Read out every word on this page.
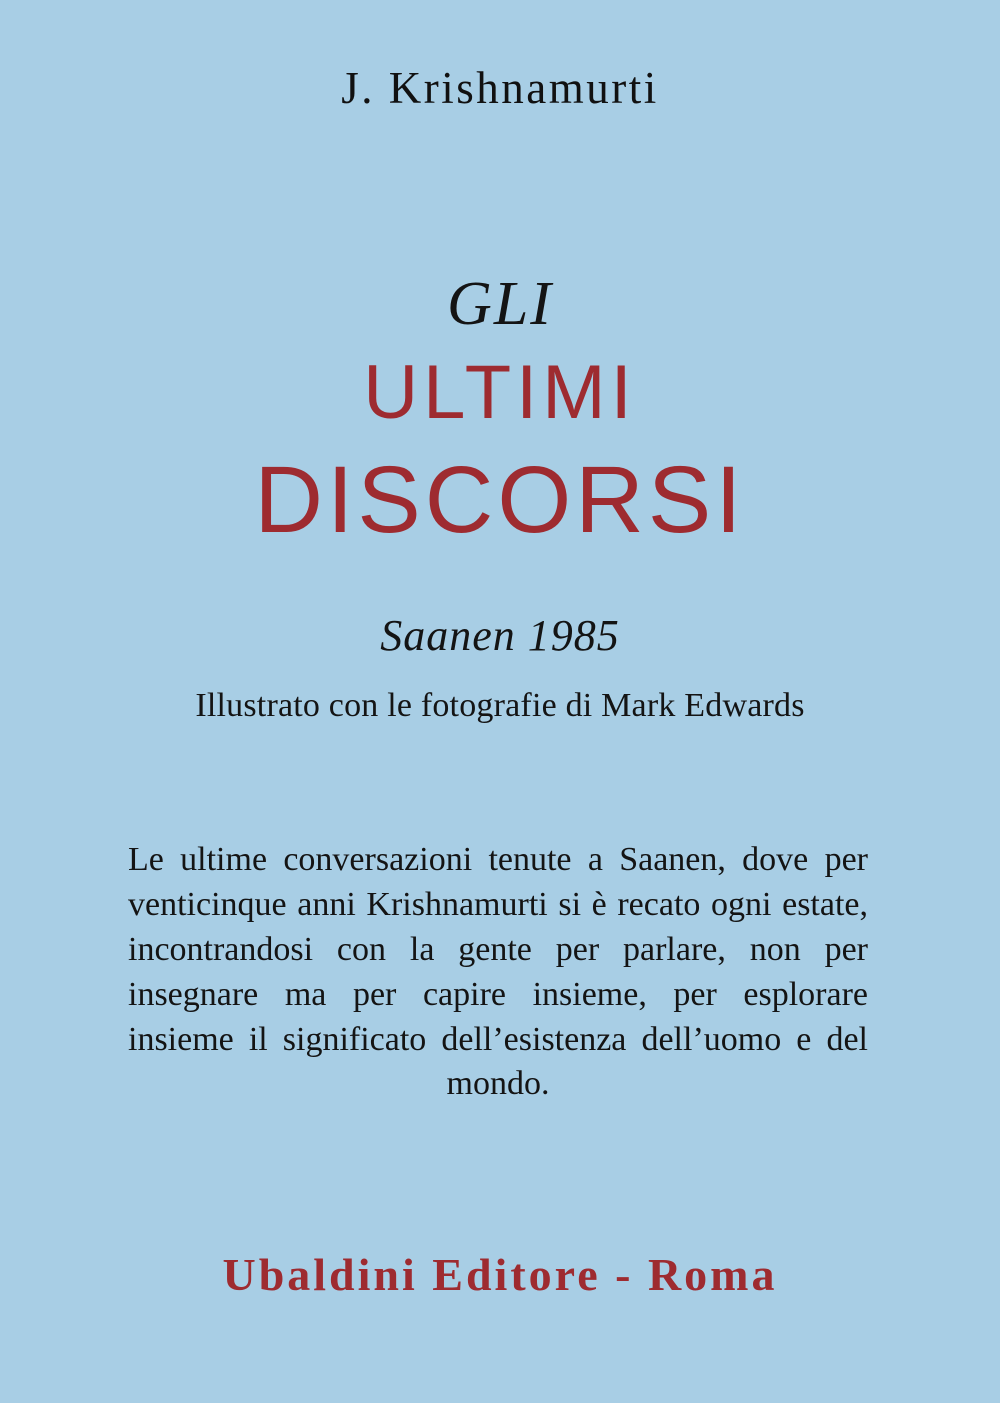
J. Krishnamurti
GLI
ULTIMI
DISCORSI
Saanen 1985
Illustrato con le fotografie di Mark Edwards
Le ultime conversazioni tenute a Saanen, dove per venticinque anni Krishnamurti si è recato ogni estate, incontrandosi con la gente per parlare, non per insegnare ma per capire insieme, per esplorare insieme il significato dell’esistenza dell’uomo e del mondo.
Ubaldini Editore - Roma
